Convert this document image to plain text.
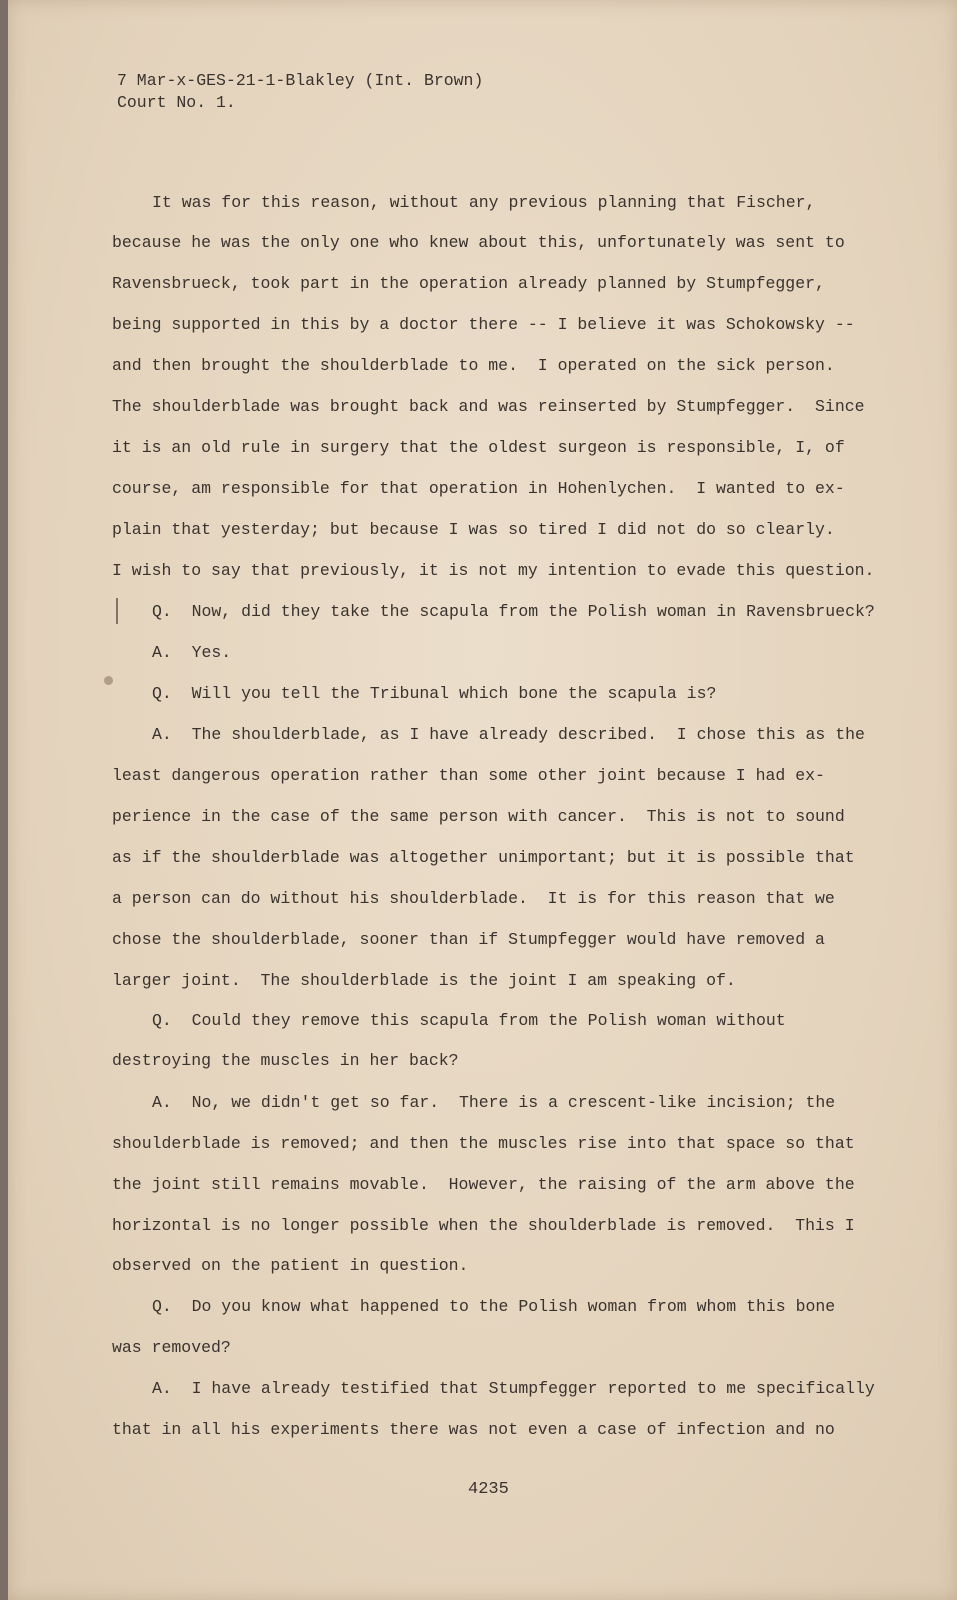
7 Mar-x-GES-21-1-Blakley (Int. Brown)
Court No. 1.
It was for this reason, without any previous planning that Fischer,
because he was the only one who knew about this, unfortunately was sent to
Ravensbrueck, took part in the operation already planned by Stumpfegger,
being supported in this by a doctor there -- I believe it was Schokowsky --
and then brought the shoulderblade to me.  I operated on the sick person.
The shoulderblade was brought back and was reinserted by Stumpfegger.  Since
it is an old rule in surgery that the oldest surgeon is responsible, I, of
course, am responsible for that operation in Hohenlychen.  I wanted to ex-
plain that yesterday; but because I was so tired I did not do so clearly.
I wish to say that previously, it is not my intention to evade this question.
Q.  Now, did they take the scapula from the Polish woman in Ravensbrueck?
A.  Yes.
Q.  Will you tell the Tribunal which bone the scapula is?
A.  The shoulderblade, as I have already described.  I chose this as the
least dangerous operation rather than some other joint because I had ex-
perience in the case of the same person with cancer.  This is not to sound
as if the shoulderblade was altogether unimportant; but it is possible that
a person can do without his shoulderblade.  It is for this reason that we
chose the shoulderblade, sooner than if Stumpfegger would have removed a
larger joint.  The shoulderblade is the joint I am speaking of.
Q.  Could they remove this scapula from the Polish woman without
destroying the muscles in her back?
A.  No, we didn't get so far.  There is a crescent-like incision; the
shoulderblade is removed; and then the muscles rise into that space so that
the joint still remains movable.  However, the raising of the arm above the
horizontal is no longer possible when the shoulderblade is removed.  This I
observed on the patient in question.
Q.  Do you know what happened to the Polish woman from whom this bone
was removed?
A.  I have already testified that Stumpfegger reported to me specifically
that in all his experiments there was not even a case of infection and no
4235
